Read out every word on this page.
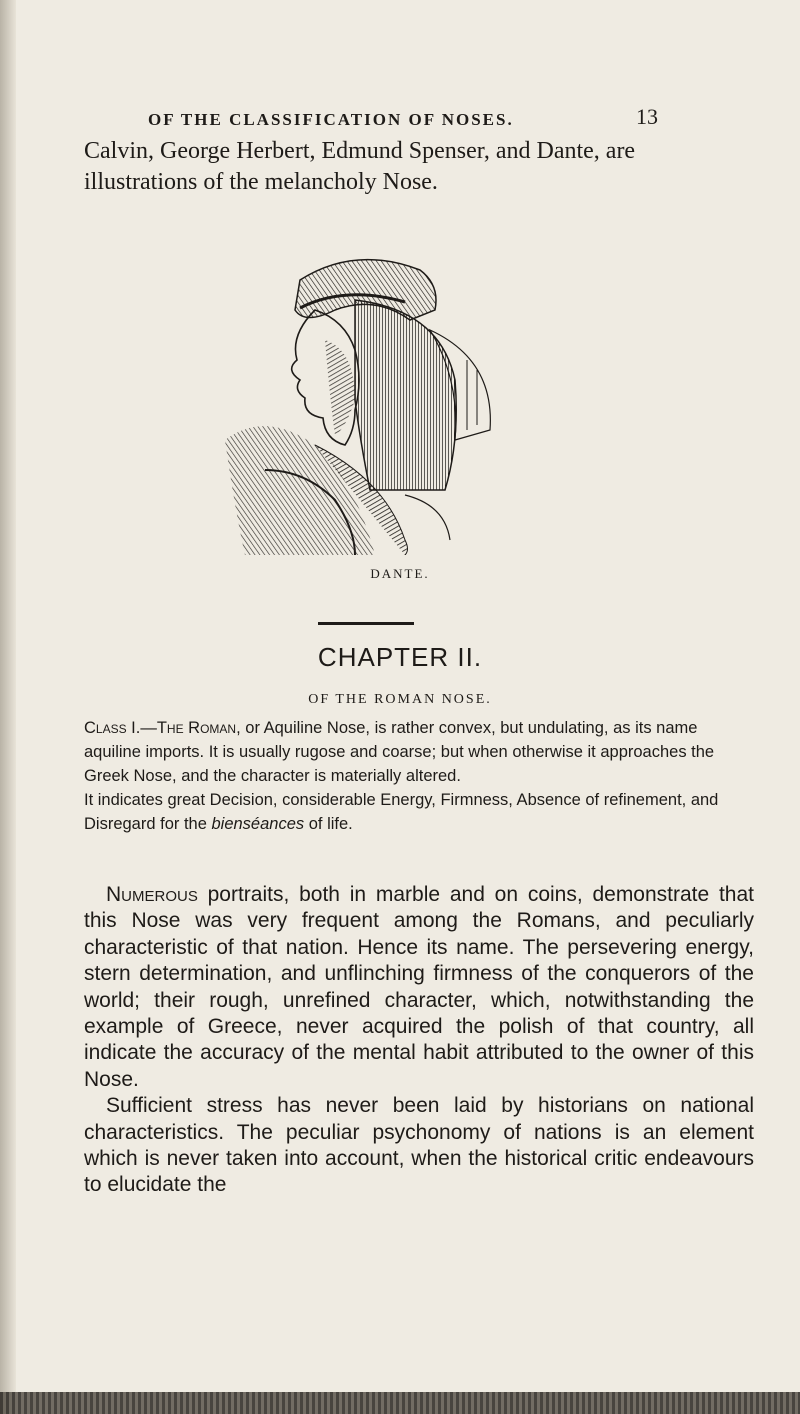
OF THE CLASSIFICATION OF NOSES.	13
Calvin, George Herbert, Edmund Spenser, and Dante, are illustrations of the melancholy Nose.
DANTE.
CHAPTER II.
OF THE ROMAN NOSE.

Class I.—The Roman, or Aquiline Nose, is rather convex, but undulating, as its name aquiline imports. It is usually rugose and coarse; but when otherwise it approaches the Greek Nose, and the character is materially altered.

It indicates great Decision, considerable Energy, Firmness, Absence of refinement, and Disregard for the bienséances of life.

Numerous portraits, both in marble and on coins, demonstrate that this Nose was very frequent among the Romans, and peculiarly characteristic of that nation. Hence its name. The persevering energy, stern determination, and unflinching firmness of the conquerors of the world; their rough, unrefined character, which, notwithstanding the example of Greece, never acquired the polish of that country, all indicate the accuracy of the mental habit attributed to the owner of this Nose.

Sufficient stress has never been laid by historians on national characteristics. The peculiar psychonomy of nations is an element which is never taken into account, when the historical critic endeavours to elucidate the
